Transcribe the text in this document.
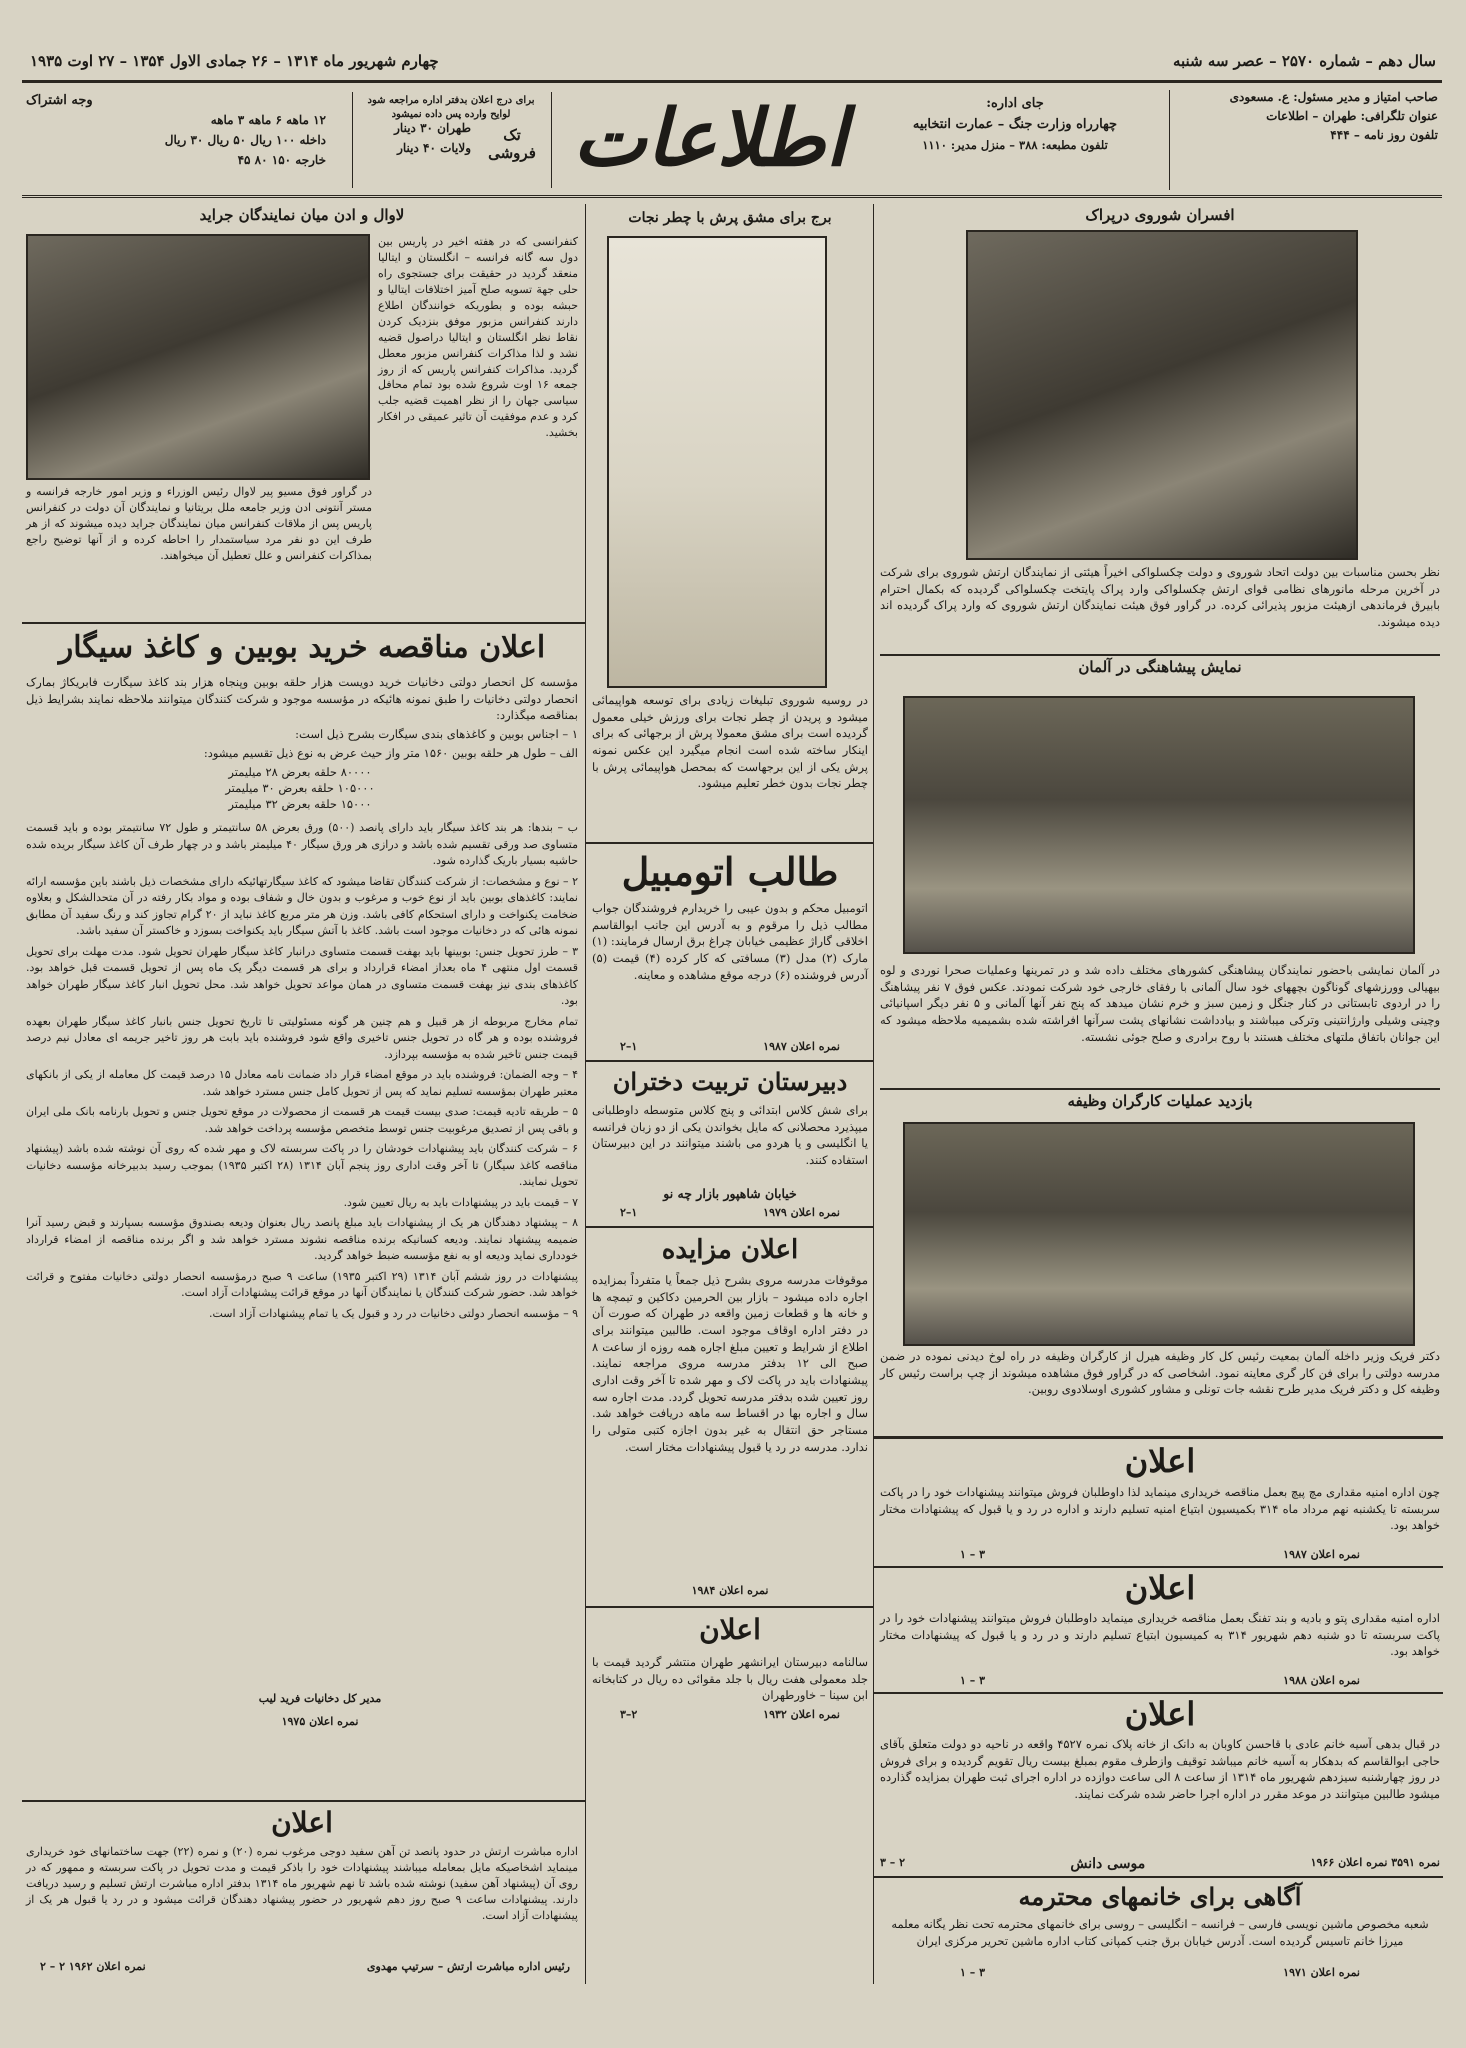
سال دهم – شماره ۲۵۷۰ – عصر سه شنبه
چهارم شهریور ماه ۱۳۱۴ – ۲۶ جمادی الاول ۱۳۵۴ – ۲۷ اوت ۱۹۳۵
صاحب امتیاز و مدیر مسئول: ع. مسعودی
عنوان تلگرافی: طهران – اطلاعات
تلفون روز نامه – ۴۴۴
جای اداره:
چهارراه وزارت جنگ – عمارت انتخابیه
تلفون مطبعه: ۳۸۸ – منزل مدیر: ۱۱۱۰
اطلاعات
تک فروشی
طهران ۳۰ دینار
ولایات ۴۰ دینار
برای درج اعلان بدفتر اداره مراجعه شود
لوایح وارده پس داده نمیشود
وجه اشتراک
۱۲ ماهه ۶ ماهه ۳ ماهه
داخله ۱۰۰ ریال ۵۰ ریال ۳۰ ریال
خارجه ۱۵۰ ۸۰ ۴۵
افسران شوروی درپراک
نظر بحسن مناسبات بین دولت اتحاد شوروی و دولت چکسلواکی اخیراً هیئتی از نمایندگان ارتش شوروی برای شرکت در آخرین مرحله مانورهای نظامی قوای ارتش چکسلواکی وارد پراک پایتخت چکسلواکی گردیده که بکمال احترام بابیرق فرماندهی ازهیئت مزبور پذیرائی کرده. در گراور فوق هیئت نمایندگان ارتش شوروی که وارد پراک گردیده اند دیده میشوند.
نمایش پیشاهنگی در آلمان
در آلمان نمایشی باحضور نمایندگان پیشاهنگی کشورهای مختلف داده شد و در تمرینها وعملیات صحرا نوردی و لوه بیهیالی وورزشهای گوناگون بچههای خود سال آلمانی با رفقای خارجی خود شرکت نمودند. عکس فوق ۷ نفر پیشاهنگ را در اردوی تابستانی در کنار جنگل و زمین سبز و خرم نشان میدهد که پنج نفر آنها آلمانی و ۵ نفر دیگر اسپانیائی وچینی وشیلی وارژانتینی وترکی میباشند و بیادداشت نشانهای پشت سرآنها افراشته شده بشمیمیه ملاحظه میشود که این جوانان باتفاق ملتهای مختلف هستند با روح برادری و صلح جوئی نشسته.
بازدید عملیات کارگران وظیفه
دکتر فریک وزیر داخله آلمان بمعیت رئیس کل کار وظیفه هیرل از کارگران وظیفه در راه لوخ دیدنی نموده در ضمن مدرسه دولتی را برای فن کار گری معاینه نمود. اشخاصی که در گراور فوق مشاهده میشوند از چپ براست رئیس کار وظیفه کل و دکتر فریک مدیر طرح نقشه جات تونلی و مشاور کشوری اوسلادوی روبین.
اعلان
چون اداره امنیه مقداری مچ پیچ بعمل مناقصه خریداری مینماید لذا داوطلبان فروش میتوانند پیشنهادات خود را در پاکت سربسته تا یکشنبه نهم مرداد ماه ۳۱۴ بکمیسیون ابتیاع امنیه تسلیم دارند و اداره در رد و یا قبول که پیشنهادات مختار خواهد بود.
نمره اعلان ۱۹۸۷
۳ – ۱
اعلان
اداره امنیه مقداری پتو و بادیه و بند تفنگ بعمل مناقصه خریداری مینماید داوطلبان فروش میتوانند پیشنهادات خود را در پاکت سربسته تا دو شنبه دهم شهریور ۳۱۴ به کمیسیون ابتیاع تسلیم دارند و در رد و یا قبول که پیشنهادات مختار خواهد بود.
نمره اعلان ۱۹۸۸
۳ – ۱
اعلان
در قبال بدهی آسیه خانم عادی با قاحسن کاوبان به دانک از خانه پلاک نمره ۴۵۲۷ واقعه در ناحیه دو دولت متعلق بآقای حاجی ابوالقاسم که بدهکار به آسیه خانم میباشد توقیف وازطرف مقوم بمبلغ بیست ریال تقویم گردیده و برای فروش در روز چهارشنبه سیزدهم شهریور ماه ۱۳۱۴ از ساعت ۸ الی ساعت دوازده در اداره اجرای ثبت طهران بمزایده گذارده میشود طالبین میتوانند در موعد مقرر در اداره اجرا حاضر شده شرکت نمایند.
نمره ۳۵۹۱ نمره اعلان ۱۹۶۶
موسی دانش
۲ – ۳
آگاهی برای خانمهای محترمه
شعبه مخصوص ماشین نویسی فارسی – فرانسه – انگلیسی – روسی برای خانمهای محترمه تحت نظر یگانه معلمه میرزا خانم تاسیس گردیده است. آدرس خیابان برق جنب کمپانی کتاب اداره ماشین تحریر مرکزی ایران
نمره اعلان ۱۹۷۱
۳ – ۱
برج برای مشق پرش با چطر نجات
در روسیه شوروی تبلیغات زیادی برای توسعه هواپیمائی میشود و پریدن از چطر نجات برای ورزش خیلی معمول گردیده است برای مشق معمولا پرش از برجهائی که برای اینکار ساخته شده است انجام میگیرد این عکس نمونه پرش یکی از این برجهاست که بمحصل هواپیمائی پرش با چطر نجات بدون خطر تعلیم میشود.
طالب اتومبیل
اتومبیل محکم و بدون عیبی را خریدارم فروشندگان جواب مطالب ذیل را مرقوم و به آدرس این جانب ابوالقاسم اخلاقی گاراژ عظیمی خیابان چراغ برق ارسال فرمایند: (۱) مارک (۲) مدل (۳) مسافتی که کار کرده (۴) قیمت (۵) آدرس فروشنده (۶) درجه موقع مشاهده و معاینه.
نمره اعلان ۱۹۸۷
۱–۲
دبیرستان تربیت دختران
برای شش کلاس ابتدائی و پنج کلاس متوسطه داوطلبانی میپذیرد محصلانی که مایل بخواندن یکی از دو زبان فرانسه یا انگلیسی و یا هردو می باشند میتوانند در این دبیرستان استفاده کنند.
خیابان شاهپور بازار چه نو
نمره اعلان ۱۹۷۹
۱–۲
اعلان مزایده
موقوفات مدرسه مروی بشرح ذیل جمعاً یا متفرداً بمزایده اجاره داده میشود – بازار بین الحرمین دکاکین و تیمچه ها و خانه ها و قطعات زمین واقعه در طهران که صورت آن در دفتر اداره اوقاف موجود است. طالبین میتوانند برای اطلاع از شرایط و تعیین مبلغ اجاره همه روزه از ساعت ۸ صبح الی ۱۲ بدفتر مدرسه مروی مراجعه نمایند. پیشنهادات باید در پاکت لاک و مهر شده تا آخر وقت اداری روز تعیین شده بدفتر مدرسه تحویل گردد. مدت اجاره سه سال و اجاره بها در اقساط سه ماهه دریافت خواهد شد. مستاجر حق انتقال به غیر بدون اجازه کتبی متولی را ندارد. مدرسه در رد یا قبول پیشنهادات مختار است.
نمره اعلان ۱۹۸۴
اعلان
سالنامه دبیرستان ایرانشهر طهران منتشر گردید قیمت با جلد معمولی هفت ریال با جلد مقوائی ده ریال در کتابخانه ابن سینا – خاورطهران
نمره اعلان ۱۹۳۲
۲–۳
لاوال و ادن میان نمایندگان جراید
کنفرانسی که در هفته اخیر در پاریس بین دول سه گانه فرانسه – انگلستان و ایتالیا منعقد گردید در حقیقت برای جستجوی راه حلی جهة تسویه صلح آمیز اختلافات ایتالیا و حبشه بوده و بطوریکه خوانندگان اطلاع دارند کنفرانس مزبور موفق بنزدیک کردن نقاط نظر انگلستان و ایتالیا دراصول قضیه نشد و لذا مذاکرات کنفرانس مزبور معطل گردید. مذاکرات کنفرانس پاریس که از روز جمعه ۱۶ اوت شروع شده بود تمام محافل سیاسی جهان را از نظر اهمیت قضیه جلب کرد و عدم موفقیت آن تاثیر عمیقی در افکار بخشید.
در گراور فوق مسیو پیر لاوال رئیس الوزراء و وزیر امور خارجه فرانسه و مستر آنتونی ادن وزیر جامعه ملل بریتانیا و نمایندگان آن دولت در کنفرانس پاریس پس از ملاقات کنفرانس میان نمایندگان جراید دیده میشوند که از هر طرف این دو نفر مرد سیاستمدار را احاطه کرده و از آنها توضیح راجع بمذاکرات کنفرانس و علل تعطیل آن میخواهند.
اعلان مناقصه خرید بوبین و کاغذ سیگار
مؤسسه کل انحصار دولتی دخانیات خرید دویست هزار حلقه بوبین وپنجاه هزار بند کاغذ سیگارت فابریکاژ بمارک انحصار دولتی دخانیات را طبق نمونه هائیکه در مؤسسه موجود و شرکت کنندگان میتوانند ملاحظه نمایند بشرایط ذیل بمناقصه میگذارد:
۱ – اجناس بوبین و کاغذهای بندی سیگارت بشرح ذیل است:
الف – طول هر حلقه بوبین ۱۵۶۰ متر واز حیث عرض به نوع ذیل تقسیم میشود:
۸۰۰۰۰ حلقه بعرض ۲۸ میلیمتر
۱۰۵۰۰۰ حلقه بعرض ۳۰ میلیمتر
۱۵۰۰۰ حلقه بعرض ۳۲ میلیمتر

ب – بندها: هر بند کاغذ سیگار باید دارای پانصد (۵۰۰) ورق بعرض ۵۸ سانتیمتر و طول ۷۲ سانتیمتر بوده و باید قسمت متساوی صد ورقی تقسیم شده باشد و درازی هر ورق سیگار ۴۰ میلیمتر باشد و در چهار طرف آن کاغذ سیگار بریده شده حاشیه بسیار باریک گذارده شود.

۲ – نوع و مشخصات: از شرکت کنندگان تقاضا میشود که کاغذ سیگارتهائیکه دارای مشخصات ذیل باشند باین مؤسسه ارائه نمایند: کاغذهای بوبین باید از نوع خوب و مرغوب و بدون خال و شفاف بوده و مواد بکار رفته در آن متحدالشکل و بعلاوه ضخامت یکنواخت و دارای استحکام کافی باشد. وزن هر متر مربع کاغذ نباید از ۲۰ گرام تجاوز کند و رنگ سفید آن مطابق نمونه هائی که در دخانیات موجود است باشد. کاغذ با آتش سیگار باید یکنواخت بسوزد و خاکستر آن سفید باشد.

۳ – طرز تحویل جنس: بوبینها باید بهفت قسمت متساوی درانبار کاغذ سیگار طهران تحویل شود. مدت مهلت برای تحویل قسمت اول منتهی ۴ ماه بعداز امضاء قرارداد و برای هر قسمت دیگر یک ماه پس از تحویل قسمت قبل خواهد بود. کاغذهای بندی نیز بهفت قسمت متساوی در همان مواعد تحویل خواهد شد. محل تحویل انبار کاغذ سیگار طهران خواهد بود.

تمام مخارج مربوطه از هر قبیل و هم چنین هر گونه مسئولیتی تا تاریخ تحویل جنس بانبار کاغذ سیگار طهران بعهده فروشنده بوده و هر گاه در تحویل جنس تاخیری واقع شود فروشنده باید بابت هر روز تاخیر جریمه ای معادل نیم درصد قیمت جنس تاخیر شده به مؤسسه بپردازد.

۴ – وجه الضمان: فروشنده باید در موقع امضاء قرار داد ضمانت نامه معادل ۱۵ درصد قیمت کل معامله از یکی از بانکهای معتبر طهران بمؤسسه تسلیم نماید که پس از تحویل کامل جنس مسترد خواهد شد.

۵ – طریقه تادیه قیمت: صدی بیست قیمت هر قسمت از محصولات در موقع تحویل جنس و تحویل بارنامه بانک ملی ایران و باقی پس از تصدیق مرغوبیت جنس توسط متخصص مؤسسه پرداخت خواهد شد.

۶ – شرکت کنندگان باید پیشنهادات خودشان را در پاکت سربسته لاک و مهر شده که روی آن نوشته شده باشد (پیشنهاد مناقصه کاغذ سیگار) تا آخر وقت اداری روز پنجم آبان ۱۳۱۴ (۲۸ اکتبر ۱۹۳۵) بموجب رسید بدبیرخانه مؤسسه دخانیات تحویل نمایند.

۷ – قیمت باید در پیشنهادات باید به ریال تعیین شود.

۸ – پیشنهاد دهندگان هر یک از پیشنهادات باید مبلغ پانصد ریال بعنوان ودیعه بصندوق مؤسسه بسپارند و قبض رسید آنرا ضمیمه پیشنهاد نمایند. ودیعه کسانیکه برنده مناقصه نشوند مسترد خواهد شد و اگر برنده مناقصه از امضاء قرارداد خودداری نماید ودیعه او به نفع مؤسسه ضبط خواهد گردید.

پیشنهادات در روز ششم آبان ۱۳۱۴ (۲۹ اکتبر ۱۹۳۵) ساعت ۹ صبح درمؤسسه انحصار دولتی دخانیات مفتوح و قرائت خواهد شد. حضور شرکت کنندگان یا نمایندگان آنها در موقع قرائت پیشنهادات آزاد است.

۹ – مؤسسه انحصار دولتی دخانیات در رد و قبول یک یا تمام پیشنهادات آزاد است.

مدیر کل دخانیات فرید لیب
نمره اعلان ۱۹۷۵
اعلان
اداره مباشرت ارتش در حدود پانصد تن آهن سفید دوجی مرغوب نمره (۲۰) و نمره (۲۲) جهت ساختمانهای خود خریداری مینماید اشخاصیکه مایل بمعامله میباشند پیشنهادات خود را باذکر قیمت و مدت تحویل در پاکت سربسته و ممهور که در روی آن (پیشنهاد آهن سفید) نوشته شده باشد تا نهم شهریور ماه ۱۳۱۴ بدفتر اداره مباشرت ارتش تسلیم و رسید دریافت دارند. پیشنهادات ساعت ۹ صبح روز دهم شهریور در حضور پیشنهاد دهندگان قرائت میشود و در رد یا قبول هر یک از پیشنهادات آزاد است.
رئیس اداره مباشرت ارتش – سرتیپ مهدوی
نمره اعلان ۱۹۶۲ ۲ – ۲
